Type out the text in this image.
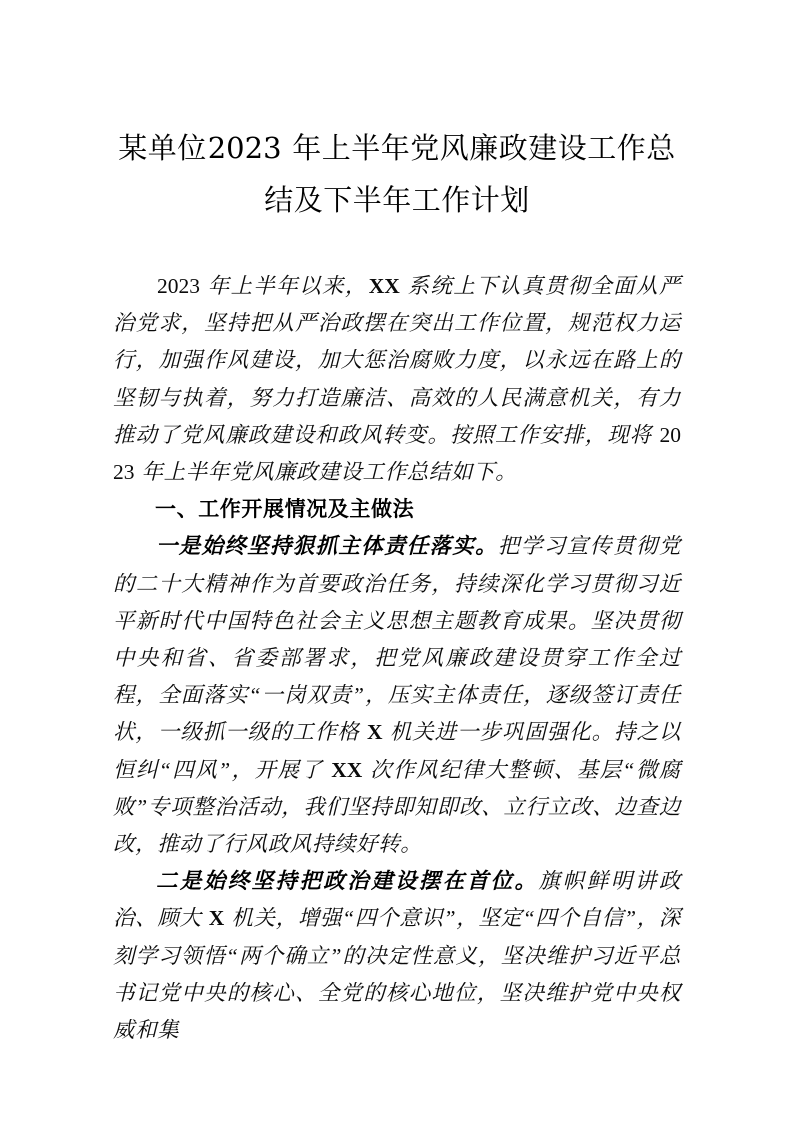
某单位2023 年上半年党风廉政建设工作总结及下半年工作计划

2023 年上半年以来，XX 系统上下认真贯彻全面从严治党求，坚持把从严治政摆在突出工作位置，规范权力运行，加强作风建设，加大惩治腐败力度，以永远在路上的坚韧与执着，努力打造廉洁、高效的人民满意机关，有力推动了党风廉政建设和政风转变。按照工作安排，现将 2023 年上半年党风廉政建设工作总结如下。

一、工作开展情况及主做法

一是始终坚持狠抓主体责任落实。把学习宣传贯彻党的二十大精神作为首要政治任务，持续深化学习贯彻习近平新时代中国特色社会主义思想主题教育成果。坚决贯彻中央和省、省委部署求，把党风廉政建设贯穿工作全过程，全面落实“一岗双责”，压实主体责任，逐级签订责任状，一级抓一级的工作格 X 机关进一步巩固强化。持之以恒纠“四风”，开展了 XX 次作风纪律大整顿、基层“微腐败”专项整治活动，我们坚持即知即改、立行立改、边查边改，推动了行风政风持续好转。

二是始终坚持把政治建设摆在首位。旗帜鲜明讲政治、顾大 X 机关，增强“四个意识”，坚定“四个自信”，深刻学习领悟“两个确立”的决定性意义，坚决维护习近平总书记党中央的核心、全党的核心地位，坚决维护党中央权威和集
